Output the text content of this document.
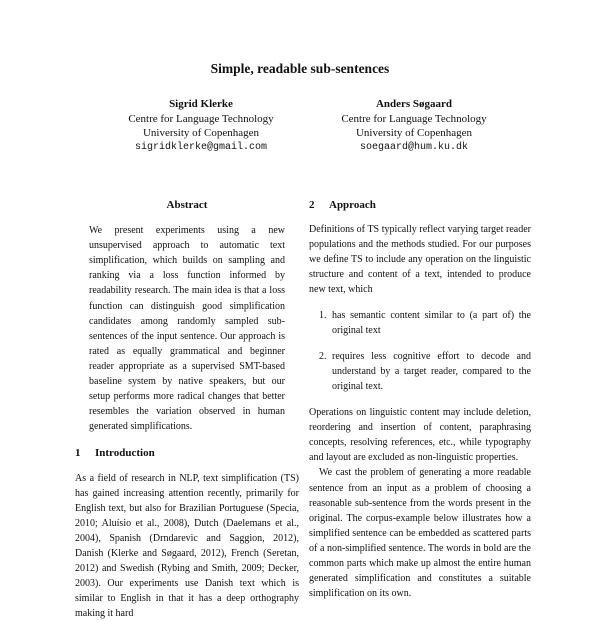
Simple, readable sub-sentences
Sigrid Klerke
Centre for Language Technology
University of Copenhagen
sigridklerke@gmail.com
Anders Søgaard
Centre for Language Technology
University of Copenhagen
soegaard@hum.ku.dk
Abstract

We present experiments using a new unsupervised approach to automatic text simplification, which builds on sampling and ranking via a loss function informed by readability research. The main idea is that a loss function can distinguish good simplification candidates among randomly sampled sub-sentences of the input sentence. Our approach is rated as equally grammatical and beginner reader appropriate as a supervised SMT-based baseline system by native speakers, but our setup performs more radical changes that better resembles the variation observed in human generated simplifications.

1 Introduction

As a field of research in NLP, text simplification (TS) has gained increasing attention recently, primarily for English text, but also for Brazilian Portuguese (Specia, 2010; Aluísio et al., 2008), Dutch (Daelemans et al., 2004), Spanish (Drndarevic and Saggion, 2012), Danish (Klerke and Søgaard, 2012), French (Seretan, 2012) and Swedish (Rybing and Smith, 2009; Decker, 2003). Our experiments use Danish text which is similar to English in that it has a deep orthography making it hard

2 Approach

Definitions of TS typically reflect varying target reader populations and the methods studied. For our purposes we define TS to include any operation on the linguistic structure and content of a text, intended to produce new text, which

1. has semantic content similar to (a part of) the original text
2. requires less cognitive effort to decode and understand by a target reader, compared to the original text.

Operations on linguistic content may include deletion, reordering and insertion of content, paraphrasing concepts, resolving references, etc., while typography and layout are excluded as non-linguistic properties.

We cast the problem of generating a more readable sentence from an input as a problem of choosing a reasonable sub-sentence from the words present in the original. The corpus-example below illustrates how a simplified sentence can be embedded as scattered parts of a non-simplified sentence. The words in bold are the common parts which make up almost the entire human generated simplification and constitutes a suitable simplification on its own.
